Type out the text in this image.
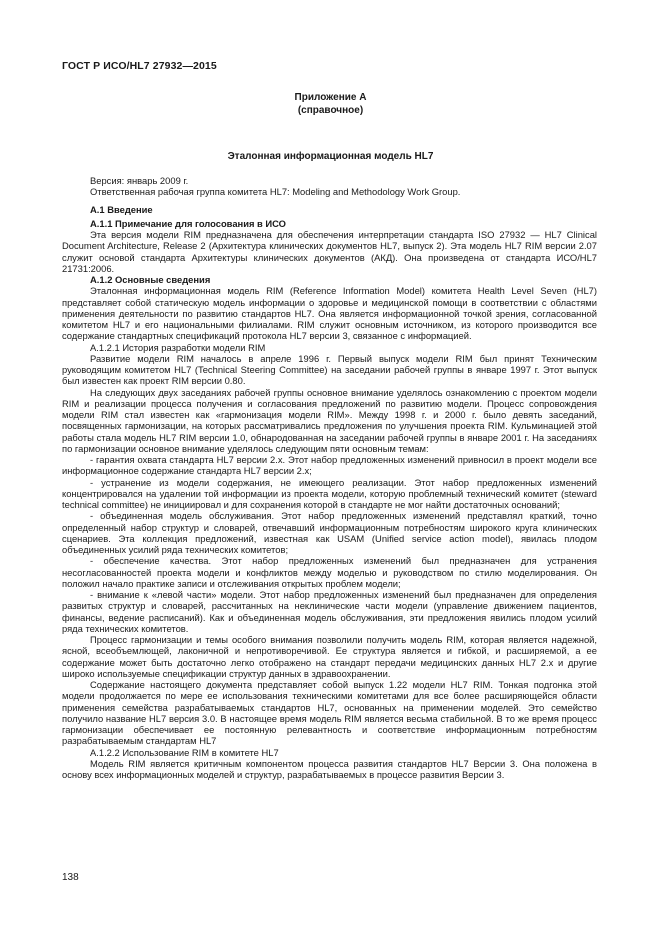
ГОСТ Р ИСО/HL7 27932—2015
Приложение А
(справочное)
Эталонная информационная модель HL7

Версия: январь 2009 г.

Ответственная рабочая группа комитета HL7: Modeling and Methodology Work Group.

А.1 Введение

А.1.1 Примечание для голосования в ИСО

Эта версия модели RIM предназначена для обеспечения интерпретации стандарта ISO 27932 — HL7 Clinical Document Architecture, Release 2 (Архитектура клинических документов HL7, выпуск 2). Эта модель HL7 RIM версии 2.07 служит основой стандарта Архитектуры клинических документов (АКД). Она произведена от стандарта ИСО/HL7 21731:2006.

А.1.2 Основные сведения

Эталонная информационная модель RIM (Reference Information Model) комитета Health Level Seven (HL7) представляет собой статическую модель информации о здоровье и медицинской помощи в соответствии с областями применения деятельности по развитию стандартов HL7. Она является информационной точкой зрения, согласованной комитетом HL7 и его национальными филиалами. RIM служит основным источником, из которого производится все содержание стандартных спецификаций протокола HL7 версии 3, связанное с информацией.

А.1.2.1 История разработки модели RIM

Развитие модели RIM началось в апреле 1996 г. Первый выпуск модели RIM был принят Техническим руководящим комитетом HL7 (Technical Steering Committee) на заседании рабочей группы в январе 1997 г. Этот выпуск был известен как проект RIM версии 0.80.

На следующих двух заседаниях рабочей группы основное внимание уделялось ознакомлению с проектом модели RIM и реализации процесса получения и согласования предложений по развитию модели. Процесс сопровождения модели RIM стал известен как «гармонизация модели RIM». Между 1998 г. и 2000 г. было девять заседаний, посвященных гармонизации, на которых рассматривались предложения по улучшения проекта RIM. Кульминацией этой работы стала модель HL7 RIM версии 1.0, обнародованная на заседании рабочей группы в январе 2001 г. На заседаниях по гармонизации основное внимание уделялось следующим пяти основным темам:

- гарантия охвата стандарта HL7 версии 2.х. Этот набор предложенных изменений привносил в проект модели все информационное содержание стандарта HL7 версии 2.х;

- устранение из модели содержания, не имеющего реализации. Этот набор предложенных изменений концентрировался на удалении той информации из проекта модели, которую проблемный технический комитет (steward technical committee) не инициировал и для сохранения которой в стандарте не мог найти достаточных оснований;

- объединенная модель обслуживания. Этот набор предложенных изменений представлял краткий, точно определенный набор структур и словарей, отвечавший информационным потребностям широкого круга клинических сценариев. Эта коллекция предложений, известная как USAM (Unified service action model), явилась плодом объединенных усилий ряда технических комитетов;

- обеспечение качества. Этот набор предложенных изменений был предназначен для устранения несогласованностей проекта модели и конфликтов между моделью и руководством по стилю моделирования. Он положил начало практике записи и отслеживания открытых проблем модели;

- внимание к «левой части» модели. Этот набор предложенных изменений был предназначен для определения развитых структур и словарей, рассчитанных на неклинические части модели (управление движением пациентов, финансы, ведение расписаний). Как и объединенная модель обслуживания, эти предложения явились плодом усилий ряда технических комитетов.

Процесс гармонизации и темы особого внимания позволили получить модель RIM, которая является надежной, ясной, всеобъемлющей, лаконичной и непротиворечивой. Ее структура является и гибкой, и расширяемой, а ее содержание может быть достаточно легко отображено на стандарт передачи медицинских данных HL7 2.х и другие широко используемые спецификации структур данных в здравоохранении.

Содержание настоящего документа представляет собой выпуск 1.22 модели HL7 RIM. Тонкая подгонка этой модели продолжается по мере ее использования техническими комитетами для все более расширяющейся области применения семейства разрабатываемых стандартов HL7, основанных на применении моделей. Это семейство получило название HL7 версия 3.0. В настоящее время модель RIM является весьма стабильной. В то же время процесс гармонизации обеспечивает ее постоянную релевантность и соответствие информационным потребностям разрабатываемым стандартам HL7

А.1.2.2 Использование RIM в комитете HL7

Модель RIM является критичным компонентом процесса развития стандартов HL7 Версии 3. Она положена в основу всех информационных моделей и структур, разрабатываемых в процессе развития Версии 3.

138
